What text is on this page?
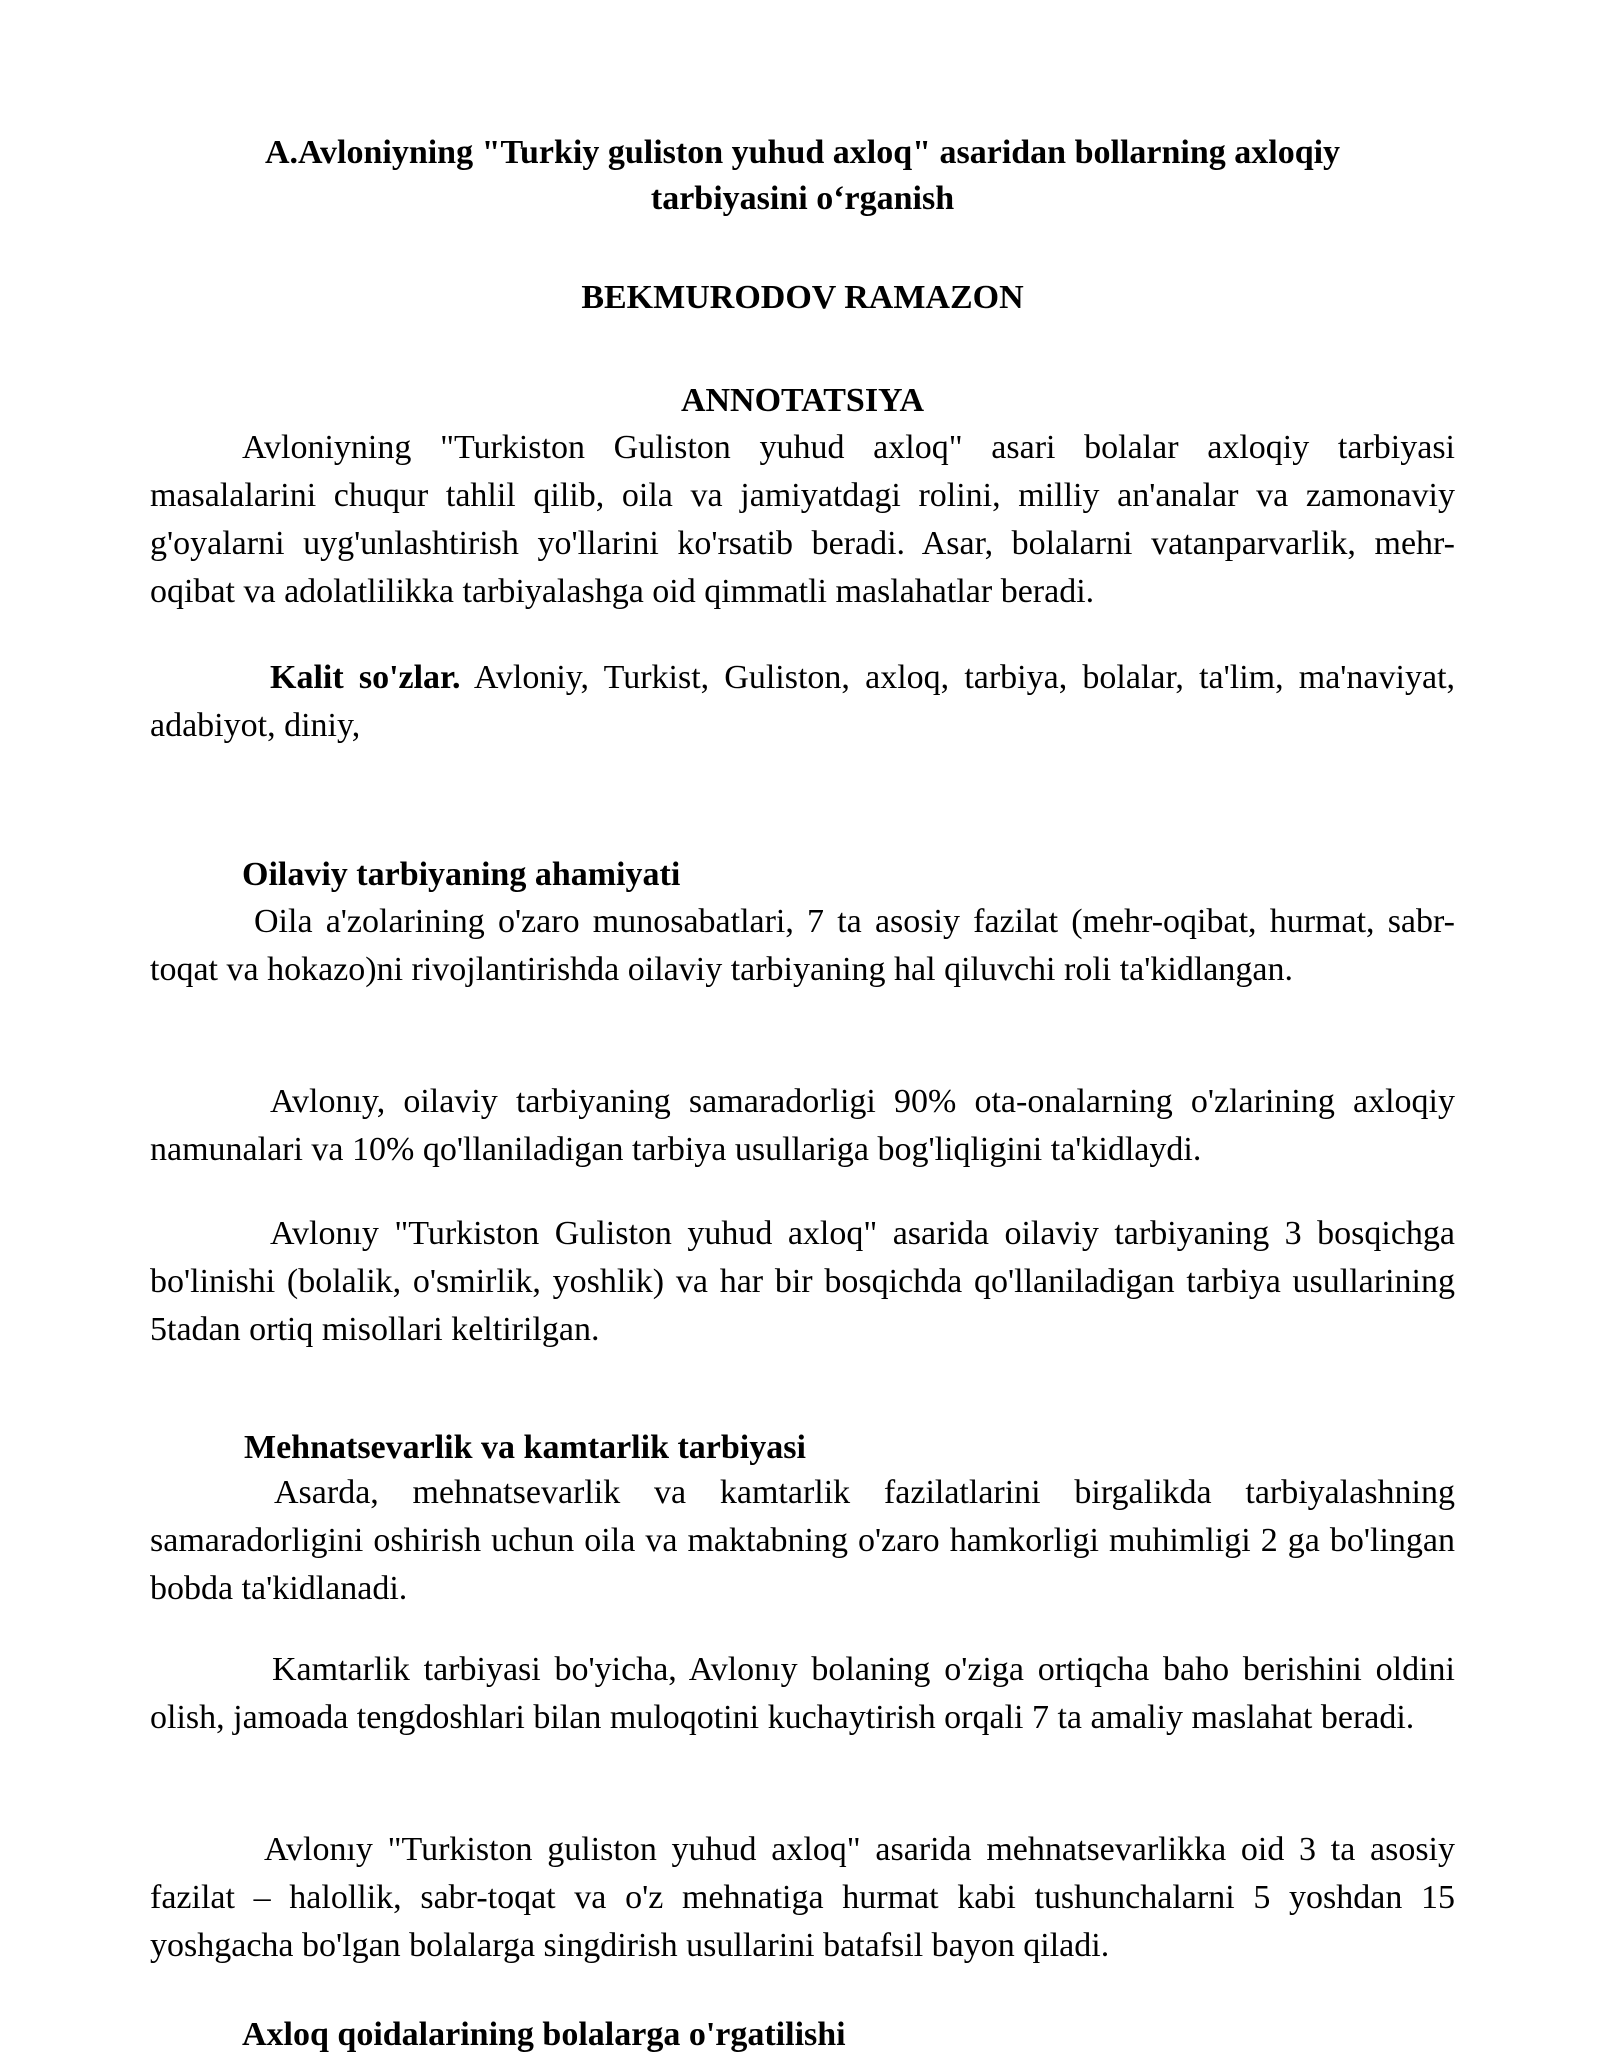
A.Avloniyning "Turkiy guliston yuhud axloq" asaridan bollarning axloqiy
tarbiyasini o‘rganish
BEKMURODOV RAMAZON
ANNOTATSIYA

Avloniyning "Turkiston Guliston yuhud axloq" asari bolalar axloqiy tarbiyasi masalalarini chuqur tahlil qilib, oila va jamiyatdagi rolini, milliy an'analar va zamonaviy g'oyalarni uyg'unlashtirish yo'llarini ko'rsatib beradi. Asar, bolalarni vatanparvarlik, mehr-oqibat va adolatlilikka tarbiyalashga oid qimmatli maslahatlar beradi.

Kalit so'zlar. Avloniy, Turkist, Guliston, axloq, tarbiya, bolalar, ta'lim, ma'naviyat, adabiyot, diniy,

Oilaviy tarbiyaning ahamiyati

Oila a'zolarining o'zaro munosabatlari, 7 ta asosiy fazilat (mehr-oqibat, hurmat, sabr-toqat va hokazo)ni rivojlantirishda oilaviy tarbiyaning hal qiluvchi roli ta'kidlangan.

Avlonıy, oilaviy tarbiyaning samaradorligi 90% ota-onalarning o'zlarining axloqiy namunalari va 10% qo'llaniladigan tarbiya usullariga bog'liqligini ta'kidlaydi.

Avlonıy "Turkiston Guliston yuhud axloq" asarida oilaviy tarbiyaning 3 bosqichga bo'linishi (bolalik, o'smirlik, yoshlik) va har bir bosqichda qo'llaniladigan tarbiya usullarining 5tadan ortiq misollari keltirilgan.

Mehnatsevarlik va kamtarlik tarbiyasi

Asarda, mehnatsevarlik va kamtarlik fazilatlarini birgalikda tarbiyalashning samaradorligini oshirish uchun oila va maktabning o'zaro hamkorligi muhimligi 2 ga bo'lingan bobda ta'kidlanadi.

Kamtarlik tarbiyasi bo'yicha, Avlonıy bolaning o'ziga ortiqcha baho berishini oldini olish, jamoada tengdoshlari bilan muloqotini kuchaytirish orqali 7 ta amaliy maslahat beradi.

Avlonıy "Turkiston guliston yuhud axloq" asarida mehnatsevarlikka oid 3 ta asosiy fazilat – halollik, sabr-toqat va o'z mehnatiga hurmat kabi tushunchalarni 5 yoshdan 15 yoshgacha bo'lgan bolalarga singdirish usullarini batafsil bayon qiladi.

Axloq qoidalarining bolalarga o'rgatilishi
